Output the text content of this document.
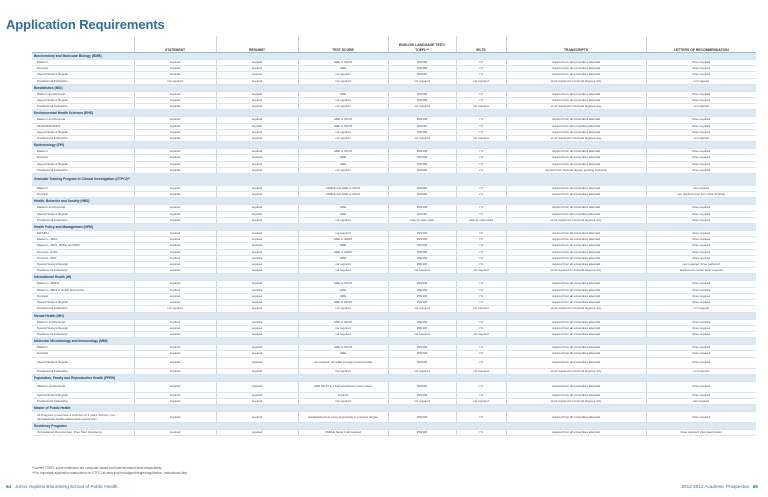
Application Requirements
	STATEMENT	RESUME*	TEST SCORE	ENGLISH LANGUAGE TEST/
TOEFL**	IELTS	TRANSCRIPTS	LETTERS OF RECOMMENDATION
Biochemistry and Molecular Biology (BMB)							
Master's	required	required	GRE or MCAT	250/100	7.0	required from all universities attended	three required
Doctoral	required	required	GRE	250/100	7.0	required from all universities attended	three required
Special Student Regular	required	required	not required	250/100	7.0	required from all universities attended	three required
Postdoctoral Fellowship	not required	required	not required	not required	not required	proof required for doctoral degrees only	not required
Biostatistics (BIO)							
Master's and Doctoral	required	required	GRE	250/100	7.0	required from all universities attended	three required
Special Student Regular	required	required	not required	250/100	7.0	required from all universities attended	three required
Postdoctoral Fellowship	required	required	not required	not required	not required	proof required for doctoral degrees only	not required
Environmental Health Sciences (EHS)							
Master's and Doctoral	required	required	GRE or MCAT	250/100	7.0	required from all universities attended	three required
MHS/MSPH/MPH	required	required	GRE or MCAT	250/100	7.0	required from all universities attended	three required
Special Student Regular	required	required	not required	250/100	7.0	required from all universities attended	three required
Postdoctoral Fellowship	required	required	not required	not required	not required	proof required for doctoral degrees only	not required
Epidemiology (EPI)							
Master's	required	required	GRE or MCAT	250/100	7.0	required from all universities attended	three required
Doctoral	required	required	GRE	250/100	7.0	required from all universities attended	three required
Special Student Regular	required	required	GRE	250/100	7.0	required from all universities attended	three required
Postdoctoral Fellowship	required	required	not required	250/100	7.0	required from doctoral degree granting institution	three required
Graduate Training Program in Clinical Investigation (GTPCI)**							
Master's	required	required	USMLE and GRE or MCAT	250/100	7.0	required from all universities attended	two required
Doctoral	required	required	USMLE and GRE or MCAT	250/100	7.0	required from all universities attended	two required (one from clinic funding)
Health, Behavior and Society (HBS)							
Master's and Doctoral	required	required	GRE	250/100	7.0	required from all universities attended	three required
Special Student Regular	required	required	GRE	250/100	7.0	required from all universities attended	three required
Postdoctoral Fellowship	required	required	not required	case by case basis	case by case basis	proof required for doctoral degrees only	three required
Health Policy and Management (HPM)							
MA/MPH	required	required	not required	250/100	7.0	required from all universities attended	three required
Master's—MHA	required	required	GRE or GMAT	250/100	7.0	required from all universities attended	three required
Master's—MHS, MSPH and MPP	required	required	GRE	250/100	7.0	required from all universities attended	three required
Doctoral—DrPH	required	required	GRE or GMAT	250/100	7.0	required from all universities attended	three required
Doctoral—PhD	required	required	GRE	250/100	7.0	required from all universities attended	three required
Special Student Regular	required	required	not required	250/100	7.0	required from all universities attended	one required; three preferred
Postdoctoral Fellowship	required	required	not required	not required	not required	proof required for doctoral degrees only	department mentor letter required
International Health (IH)							
Master's—MSPH	required	required	GRE or MCAT	250/100	7.0	required from all universities attended	three required
Master's—MHS in Health Economics	required	required	GRE	250/100	7.0	required from all universities attended	three required
Doctoral	required	required	GRE	250/100	7.0	required from all universities attended	three required
Special Student Regular	required	required	GRE or MCAT	250/100	7.0	required from all universities attended	three required
Postdoctoral Fellowship	not required	required	not required	not required	not required	proof required for doctoral degrees only	not required
Mental Health (MH)							
Master's and Doctoral	required	required	GRE or MCAT	250/100	7.0	required from all universities attended	three required
Special Student Regular	required	required	not required	250/100	7.0	required from all universities attended	three required
Postdoctoral Fellowship	required	required	not required	not required	not required	required from all universities attended	three required
Molecular Microbiology and Immunology (MMI)							
Master's	required	required	GRE or MCAT	250/100	7.0	required from all universities attended	three required
Doctoral	required	required	GRE	250/100	7.0	required from all universities attended	three required
Special Student Regular	required	required	not required; but GRE strongly recommended	250/100	7.0	required from all universities attended	three required
Postdoctoral Fellowship	required	required	not required	not required	not required	proof required for doctoral degrees only	not required
Population, Family and Reproductive Health (PFRH)							
Master's and Doctoral	required	required	GRE MCAT or LSAT accepted in some cases	250/100	7.0	required from all universities attended	three required
Special Student Regular	required	required	required	250/100	7.0	required from all universities attended	three required
Postdoctoral Fellowship	required	required	not required	not required	not required	proof required for doctoral degrees only	two required
Master of Public Health							
All Programs (must have a minimum of 2 years, full-time, pre-baccalaureate health-related work experience)	required	required	standardized test score appropriate to previous degree	250/100	7.0	required from all universities attended	three required
Residency Programs							
Occupational Med and Gen. Prev. Med. Residency	required	required	USMLE Steps 1 &2 required	250/100	7.0	required from all universities attended	three required; plus dean's letter
*Current TOEFL score minimums are computer-based and internet-based tests respectively.
**For important application instructions for GTPCI at www.jhsph.edu/gtpci/degree/application_instructions.html.
64 Johns Hopkins Bloomberg School of Public Health	2012-2013 Academic Prospectus 65
